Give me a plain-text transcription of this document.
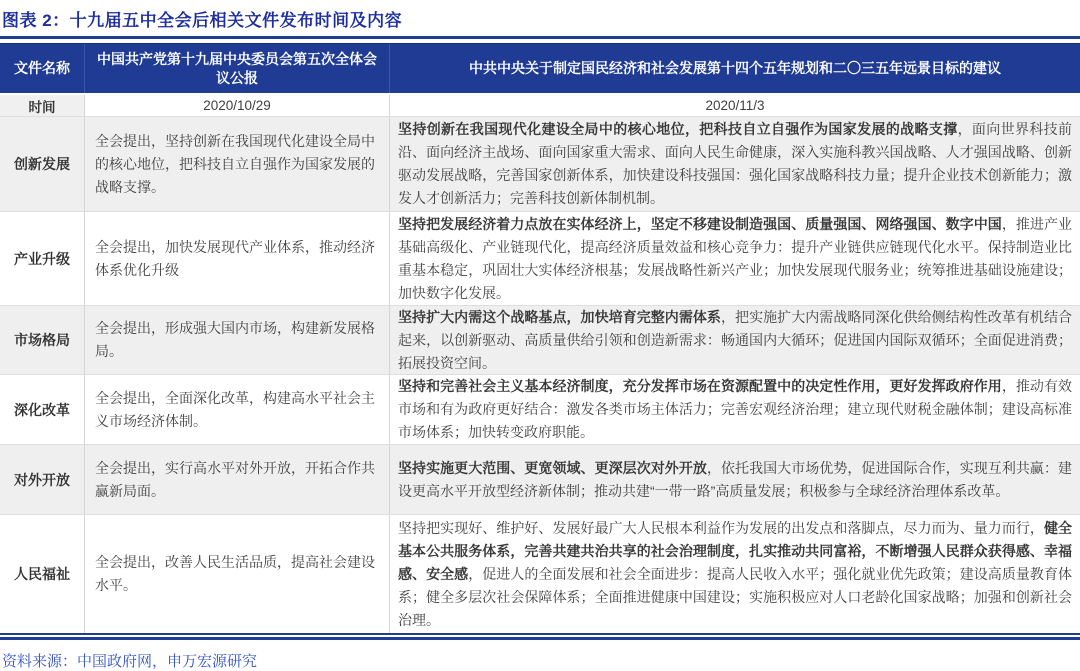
图表 2：十九届五中全会后相关文件发布时间及内容
文件名称
中国共产党第十九届中央委员会第五次全体会议公报
中共中央关于制定国民经济和社会发展第十四个五年规划和二〇三五年远景目标的建议
时间	2020/10/29	2020/11/3
创新发展
全会提出，坚持创新在我国现代化建设全局中的核心地位，把科技自立自强作为国家发展的战略支撑。
坚持创新在我国现代化建设全局中的核心地位，把科技自立自强作为国家发展的战略支撑，面向世界科技前沿、面向经济主战场、面向国家重大需求、面向人民生命健康，深入实施科教兴国战略、人才强国战略、创新驱动发展战略，完善国家创新体系，加快建设科技强国：强化国家战略科技力量；提升企业技术创新能力；激发人才创新活力；完善科技创新体制机制。
产业升级
全会提出，加快发展现代产业体系，推动经济体系优化升级
坚持把发展经济着力点放在实体经济上，坚定不移建设制造强国、质量强国、网络强国、数字中国，推进产业基础高级化、产业链现代化，提高经济质量效益和核心竞争力：提升产业链供应链现代化水平。保持制造业比重基本稳定，巩固壮大实体经济根基；发展战略性新兴产业；加快发展现代服务业；统筹推进基础设施建设；加快数字化发展。
市场格局
全会提出，形成强大国内市场，构建新发展格局。
坚持扩大内需这个战略基点，加快培育完整内需体系，把实施扩大内需战略同深化供给侧结构性改革有机结合起来，以创新驱动、高质量供给引领和创造新需求：畅通国内大循环；促进国内国际双循环；全面促进消费；拓展投资空间。
深化改革
全会提出，全面深化改革，构建高水平社会主义市场经济体制。
坚持和完善社会主义基本经济制度，充分发挥市场在资源配置中的决定性作用，更好发挥政府作用，推动有效市场和有为政府更好结合：激发各类市场主体活力；完善宏观经济治理；建立现代财税金融体制；建设高标准市场体系；加快转变政府职能。
对外开放
全会提出，实行高水平对外开放，开拓合作共赢新局面。
坚持实施更大范围、更宽领域、更深层次对外开放，依托我国大市场优势，促进国际合作，实现互利共赢：建设更高水平开放型经济新体制；推动共建“一带一路”高质量发展；积极参与全球经济治理体系改革。
人民福祉
全会提出，改善人民生活品质，提高社会建设水平。
坚持把实现好、维护好、发展好最广大人民根本利益作为发展的出发点和落脚点，尽力而为、量力而行，健全基本公共服务体系，完善共建共治共享的社会治理制度，扎实推动共同富裕，不断增强人民群众获得感、幸福感、安全感，促进人的全面发展和社会全面进步：提高人民收入水平；强化就业优先政策；建设高质量教育体系；健全多层次社会保障体系；全面推进健康中国建设；实施积极应对人口老龄化国家战略；加强和创新社会治理。
资料来源：中国政府网，申万宏源研究
